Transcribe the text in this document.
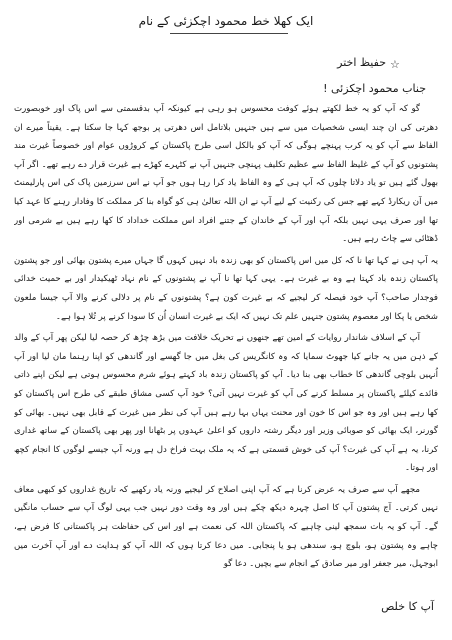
ایک کھلا خط محمود اچکزئی کے نام
☆
حفیظ اختر
جناب محمود اچکزئی !

گو کہ آپ کو یہ خط لکھتے ہوئے کوفت محسوس ہو رہی ہے کیونکہ آپ بدقسمتی سے اس پاک اور خوبصورت دھرتی کی ان چند ایسی شخصیات میں سے ہیں جنہیں بلاتامل اس دھرتی پر بوجھ کہا جا سکتا ہے۔ یقیناً میرے ان الفاظ سے آپ کو یہ کرب پہنچے ہوگی کہ آپ کو بالکل اسی طرح پاکستان کے کروڑوں عوام اور خصوصاً غیرت مند پشتونوں کو آپ کے غلیظ الفاظ سے عظیم تکلیف پہنچی جنہیں آپ نے کٹہرے کھڑے ہے غیرت قرار دے رہے تھے۔ اگر آپ بھول گئے ہیں تو یاد دلاتا چلوں کہ آپ ہی کے وہ الفاظ یاد کرا رہا ہوں جو آپ نے اس سرزمین پاک کی اس پارلیمنٹ میں آن ریکارڈ کہے تھے جس کی رکنیت کے لیے آپ نے ان اللہ تعالیٰ ہی کو گواہ بنا کر مملکت کا وفادار رہنے کا عہد کیا تھا اور صرف یہی نہیں بلکہ آپ اور آپ کے خاندان کے جتنے افراد اس مملکت خداداد کا کھا رہے ہیں بے شرمی اور ڈھٹائی سے چاٹ رہے ہیں۔

یہ آپ ہی نے کہا تھا نا کہ کل میں اس پاکستان کو بھی زندہ باد نہیں کہوں گا جہاں میرے پشتون بھائی اور جو پشتون پاکستان زندہ باد کہتا ہے وہ بے غیرت ہے۔ یہی کہا تھا نا آپ نے پشتونوں کے نام نہاد ٹھیکیدار اور بے حمیت خدائی فوجدار صاحب؟ آپ خود فیصلہ کر لیجیے کہ بے غیرت کون ہے؟ پشتونوں کے نام پر دلالی کرنے والا آپ جیسا ملعون شخص یا پکا اور معصوم پشتون جنہیں علم تک نہیں کہ ایک بے غیرت انسان اُن کا سودا کرنے پر تُلا ہوا ہے۔

آپ کے اسلاف شاندار روایات کے امین تھے جنھوں نے تحریک خلافت میں بڑھ چڑھ کر حصہ لیا لیکن پھر آپ کے والد کے ذہن میں یہ جانے کیا جھوٹ سمایا کہ وہ کانگریس کی بغل میں جا گھسے اور گاندھی کو اپنا رہنما مان لیا اور آپ اُنہیں بلوچی گاندھی کا خطاب بھی بنا دیا۔ آپ کو پاکستان زندہ باد کہتے ہوئے شرم محسوس ہوتی ہے لیکن اپنے ذاتی فائدے کیلئے پاکستان پر مسلط کرنے کی آپ کو غیرت نہیں آتی؟ خود آپ کسی مشاق طبقے کی طرح اس پاکستان کو کھا رہے ہیں اور وہ جو اس کا خون اور محنت یہاں بہا رہے ہیں آپ کی نظر میں غیرت کے قابل بھی نہیں۔ بھائی کو گورنر، ایک بھائی کو صوبائی وزیر اور دیگر رشتہ داروں کو اعلیٰ عہدوں پر بٹھانا اور پھر بھی پاکستان کے ساتھ غداری کرنا، یہ ہے آپ کی غیرت؟ آپ کی خوش قسمتی ہے کہ یہ ملک بہت فراخ دل ہے ورنہ آپ جیسے لوگوں کا انجام کچھ اور ہوتا۔

مجھے آپ سے صرف یہ عرض کرنا ہے کہ آپ اپنی اصلاح کر لیجیے ورنہ یاد رکھیے کہ تاریخ غداروں کو کبھی معاف نہیں کرتی۔ آج پشتون آپ کا اصل چہرہ دیکھ چکے ہیں اور وہ وقت دور نہیں جب یہی لوگ آپ سے حساب مانگیں گے۔ آپ کو یہ بات سمجھ لینی چاہیے کہ پاکستان اللہ کی نعمت ہے اور اس کی حفاظت ہر پاکستانی کا فرض ہے، چاہے وہ پشتون ہو، بلوچ ہو، سندھی ہو یا پنجابی۔ میں دعا کرتا ہوں کہ اللہ آپ کو ہدایت دے اور آپ آخرت میں ابوجہل، میر جعفر اور میر صادق کے انجام سے بچیں۔ دعا گو

آپ کا خلص
